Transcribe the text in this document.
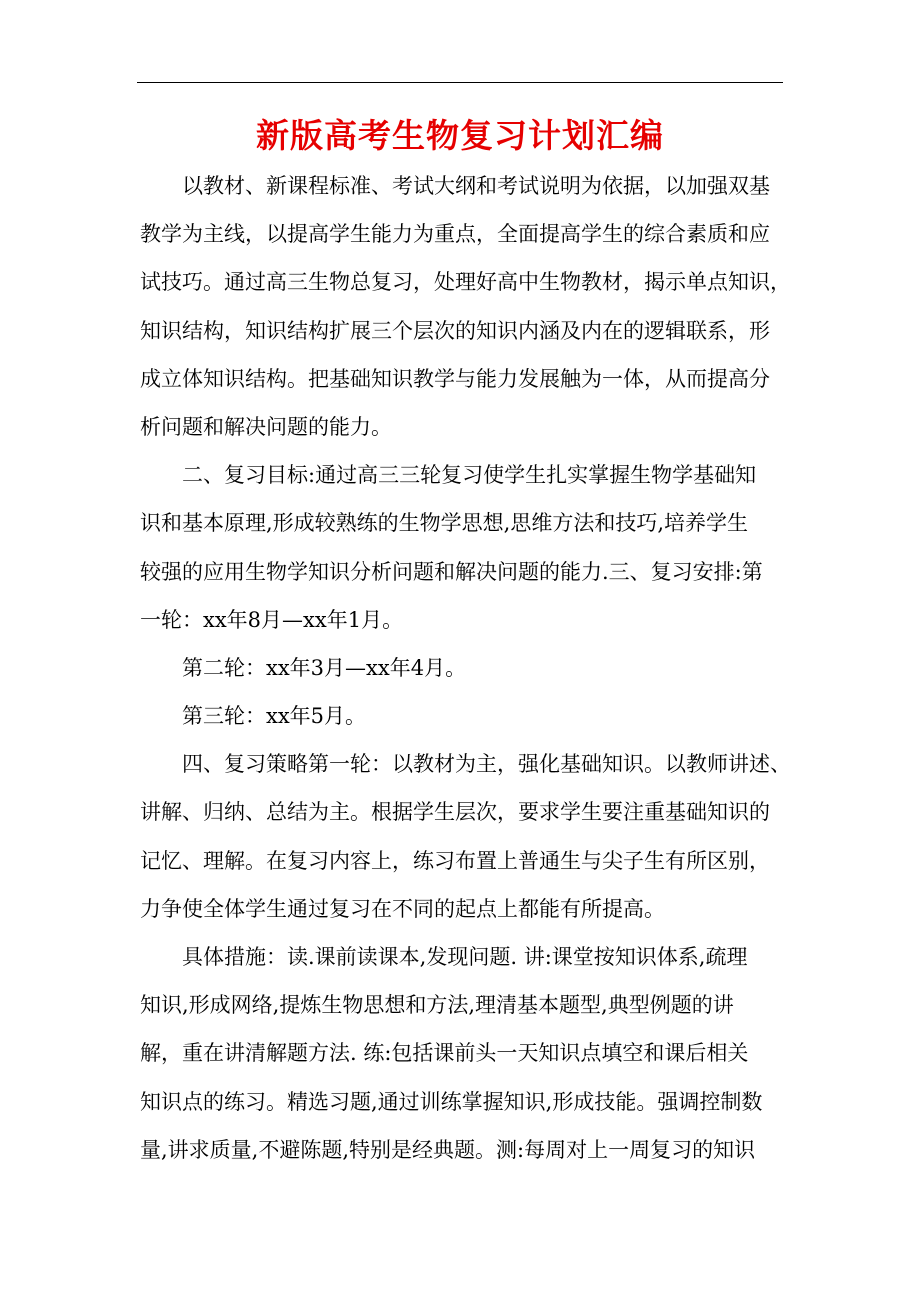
新版高考生物复习计划汇编
以教材、新课程标准、考试大纲和考试说明为依据，以加强双基
教学为主线，以提高学生能力为重点，全面提高学生的综合素质和应
试技巧。通过高三生物总复习，处理好高中生物教材，揭示单点知识，
知识结构，知识结构扩展三个层次的知识内涵及内在的逻辑联系，形
成立体知识结构。把基础知识教学与能力发展触为一体，从而提高分
析问题和解决问题的能力。
二、复习目标:通过高三三轮复习使学生扎实掌握生物学基础知
识和基本原理,形成较熟练的生物学思想,思维方法和技巧,培养学生
较强的应用生物学知识分析问题和解决问题的能力.三、复习安排:第
一轮：xx年8月—xx年1月。
第二轮：xx年3月—xx年4月。
第三轮：xx年5月。
四、复习策略第一轮：以教材为主，强化基础知识。以教师讲述、
讲解、归纳、总结为主。根据学生层次，要求学生要注重基础知识的
记忆、理解。在复习内容上，练习布置上普通生与尖子生有所区别，
力争使全体学生通过复习在不同的起点上都能有所提高。
具体措施：读.课前读课本,发现问题. 讲:课堂按知识体系,疏理
知识,形成网络,提炼生物思想和方法,理清基本题型,典型例题的讲
解，重在讲清解题方法. 练:包括课前头一天知识点填空和课后相关
知识点的练习。精选习题,通过训练掌握知识,形成技能。强调控制数
量,讲求质量,不避陈题,特别是经典题。测:每周对上一周复习的知识
